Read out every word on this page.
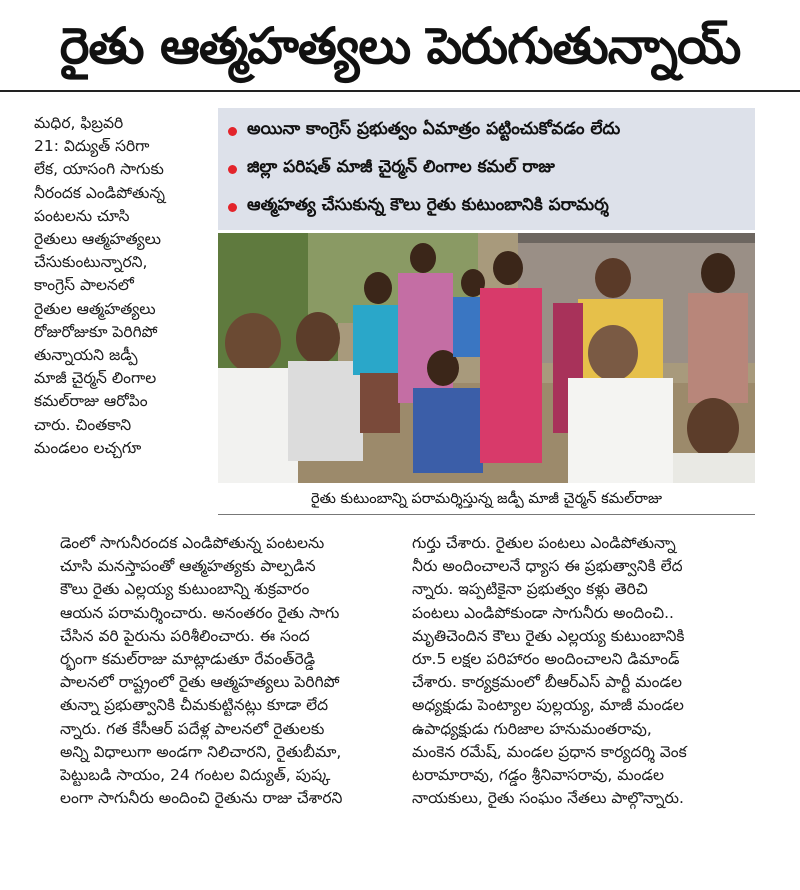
రైతు ఆత్మహత్యలు పెరుగుతున్నాయ్

మధిర, ఫిబ్రవరి

21: విద్యుత్ సరిగా

లేక, యాసంగి సాగుకు

నీరందక ఎండిపోతున్న

పంటలను చూసి

రైతులు ఆత్మహత్యలు

చేసుకుంటున్నారని,

కాంగ్రెస్ పాలనలో

రైతుల ఆత్మహత్యలు

రోజురోజుకూ పెరిగిపో

తున్నాయని జడ్పీ

మాజీ చైర్మన్ లింగాల

కమల్‌రాజు ఆరోపిం

చారు. చింతకాని

మండలం లచ్చగూ

అయినా కాంగ్రెస్ ప్రభుత్వం ఏమాత్రం పట్టించుకోవడం లేదు
జిల్లా పరిషత్ మాజీ చైర్మన్ లింగాల కమల్ రాజు
ఆత్మహత్య చేసుకున్న కౌలు రైతు కుటుంబానికి పరామర్శ
రైతు కుటుంబాన్ని పరామర్శిస్తున్న జడ్పీ మాజీ చైర్మన్ కమల్‌రాజు

డెంలో సాగునీరందక ఎండిపోతున్న పంటలను

చూసి మనస్తాపంతో ఆత్మహత్యకు పాల్పడిన

కౌలు రైతు ఎల్లయ్య కుటుంబాన్ని శుక్రవారం

ఆయన పరామర్శించారు. అనంతరం రైతు సాగు

చేసిన వరి పైరును పరిశీలించారు. ఈ సంద

ర్భంగా కమల్‌రాజు మాట్లాడుతూ రేవంత్‌రెడ్డి

పాలనలో రాష్ట్రంలో రైతు ఆత్మహత్యలు పెరిగిపో

తున్నా ప్రభుత్వానికి చీమకుట్టినట్లు కూడా లేద

న్నారు. గత కేసీఆర్ పదేళ్ల పాలనలో రైతులకు

అన్ని విధాలుగా అండగా నిలిచారని, రైతుబీమా,

పెట్టుబడి సాయం, 24 గంటల విద్యుత్, పుష్క

లంగా సాగునీరు అందించి రైతును రాజు చేశారని

గుర్తు చేశారు. రైతుల పంటలు ఎండిపోతున్నా

నీరు అందించాలనే ధ్యాస ఈ ప్రభుత్వానికి లేద

న్నారు. ఇప్పటికైనా ప్రభుత్వం కళ్లు తెరిచి

పంటలు ఎండిపోకుండా సాగునీరు అందించి..

మృతిచెందిన కౌలు రైతు ఎల్లయ్య కుటుంబానికి

రూ.5 లక్షల పరిహారం అందించాలని డిమాండ్

చేశారు. కార్యక్రమంలో బీఆర్ఎస్ పార్టీ మండల

అధ్యక్షుడు పెంట్యాల పుల్లయ్య, మాజీ మండల

ఉపాధ్యక్షుడు గురిజాల హనుమంతరావు,

మంకెన రమేష్, మండల ప్రధాన కార్యదర్శి వెంక

టరామారావు, గడ్డం శ్రీనివాసరావు, మండల

నాయకులు, రైతు సంఘం నేతలు పాల్గొన్నారు.
